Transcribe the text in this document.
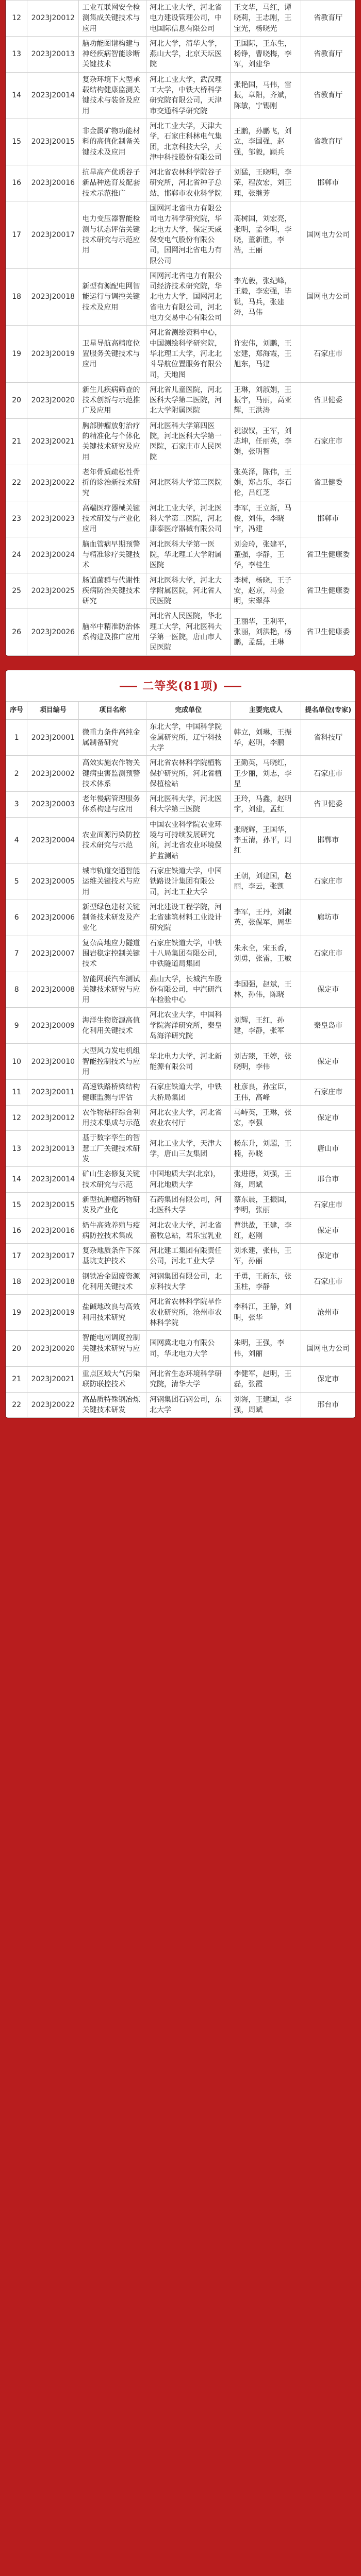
12	2023J20012	工业互联网安全检测集成关键技术与应用	河北工业大学，河北省电力建设管理公司，中电国际信息有限公司	王文华，马红，谭晓莉，王志刚，王宝光，杨晓光	省教育厅
13	2023J20013	脑功能图谱构建与神经疾病智能诊断关键技术	河北大学，清华大学，燕山大学，北京天坛医院	王国际，王东生，杨铮，曹晓梅，李军，刘建华	省教育厅
14	2023J20014	复杂环境下大型承载结构健康监测关键技术与装备及应用	河北工业大学，武汉理工大学，中铁大桥科学研究院有限公司，天津市交通科学研究院	张艳国，马伟，雷振，章阳，齐斌，陈敏，宁锡刚	省教育厅
15	2023J20015	非金属矿物功能材料的高值化制备关键技术及应用	河北工业大学，天津大学，石家庄科林电气集团，北京科技大学，天津中科技股份有限公司	王鹏，孙鹏飞，刘立，李国强，赵强，邹毅，顾兵	省教育厅
16	2023J20016	抗旱高产优质谷子新品种选育及配套技术示范推广	河北省农林科学院谷子研究所，河北省种子总站，邯郸市农业科学院	刘猛，王晓明，李荣，程汝宏，刘正理，张继芳	邯郸市
17	2023J20017	电力变压器智能检测与状态评估关键技术研究与示范应用	国网河北省电力有限公司电力科学研究院，华北电力大学，保定天威保变电气股份有限公司，国网河北省电力有限公司	高树国，刘宏亮，张明，孟令明，李晓，董新胜，李浩，王丽	国网电力公司
18	2023J20018	新型有源配电网智能运行与调控关键技术及应用	国网河北省电力有限公司经济技术研究院，华北电力大学，国网河北省电力有限公司，河北电力交易中心有限公司	李光毅，张纪峰，王毅，李宏强，毕锐，马兵，张建涛，马伟	国网电力公司
19	2023J20019	卫星导航高精度位置服务关键技术与应用	河北省测绘资料中心，中国测绘科学研究院，华北理工大学，河北北斗导航位置服务有限公司，天地图	许宏伟，刘鹏，王宏建，郑海霞，王旭东，马建	石家庄市
20	2023J20020	新生儿疾病筛查的技术创新与示范推广及应用	河北省儿童医院，河北医科大学第二医院，河北大学附属医院	王琳，刘淑娟，王振宇，马丽，高亚辉，王洪涛	省卫健委
21	2023J20021	胸部肿瘤放射治疗的精准化与个体化关键技术研究及应用	河北医科大学第四医院，河北医科大学第一医院，石家庄市人民医院	祝淑钗，王军，刘志坤，任丽英，李娟，张明智	石家庄市
22	2023J20022	老年骨质疏松性骨折的诊治新技术研究	河北医科大学第三医院	张英泽，陈伟，王娟，郑占乐，李石伦，吕红芝	省卫健委
23	2023J20023	高端医疗器械关键技术研发与产业化应用	河北工业大学，河北医科大学第二医院，河北康泰医疗器械有限公司	李军，王立新，马俊，刘伟，李晓宇，冯建	邯郸市
24	2023J20024	脑血管病早期预警与精准诊疗关键技术	河北医科大学第一医院，华北理工大学附属医院	刘会玲，张建平，董强，李静，王华，李桂生	省卫生健康委
25	2023J20025	肠道菌群与代谢性疾病防治关键技术研究	河北医科大学，河北大学附属医院，河北省人民医院	李树，杨晓，王子安，赵京，冯金明，宋翠萍	省卫生健康委
26	2023J20026	脑卒中精准防治体系构建及推广应用	河北省人民医院，华北理工大学，河北医科大学第一医院，唐山市人民医院	王丽华，王利平，张丽，刘洪艳，杨鹏，孟磊，王琳	省卫生健康委
二等奖(81项)
序号	项目编号	项目名称	完成单位	主要完成人	提名单位(专家)
1	2023J20001	微重力条件高纯金属制备研究	东北大学，中国科学院金属研究所，辽宁科技大学	韩立，刘琳，王振华，赵明，李鹏	省科技厅
2	2023J20002	高效实施农作物关键病虫害监测预警技术体系	河北省农林科学院植物保护研究所，河北省植保植检站	王勤英，马晓红，王少丽，刘志，李星	石家庄市
3	2023J20003	老年慢病管理服务体系构建与应用	河北医科大学，河北医科大学第三医院	王玲，马鑫，赵明宇，刘建，孟红	省卫健委
4	2023J20004	农业面源污染防控技术研究与示范	中国农业科学院农业环境与可持续发展研究所，河北省农业环境保护监测站	张晓辉，王国华，李玉清，孙平，周红	邯郸市
5	2023J20005	城市轨道交通智能运维关键技术与应用	石家庄铁道大学，中国铁路设计集团有限公司，河北工业大学	王朝，刘建国，赵丽，李云，张凯	石家庄市
6	2023J20006	新型绿色建材关键制备技术研发及产业化	河北建设工程学院，河北省建筑材料工业设计研究院	李军，王丹，刘淑英，张保军，周华	廊坊市
7	2023J20007	复杂高地应力隧道围岩稳定控制关键技术	石家庄铁道大学，中铁十八局集团有限公司，中铁隧道局集团	朱永全，宋玉香，刘勇，张雷，王敏	石家庄市
8	2023J20008	智能网联汽车测试关键技术研究与应用	燕山大学，长城汽车股份有限公司，中汽研汽车检验中心	李国强，赵斌，王林，孙伟，陈晓	保定市
9	2023J20009	海洋生物资源高值化利用关键技术	河北农业大学，中国科学院海洋研究所，秦皇岛海洋研究院	刘辉，王红，孙建，李静，张军	秦皇岛市
10	2023J20010	大型风力发电机组智能控制技术与应用	华北电力大学，河北新能源有限公司	刘吉臻，王婷，张晓明，李伟	保定市
11	2023J20011	高速铁路桥梁结构健康监测与评估	石家庄铁道大学，中铁大桥局集团	杜彦良，孙宝臣，王伟，高峰	石家庄市
12	2023J20012	农作物秸秆综合利用技术集成与示范	河北农业大学，河北省农业农村厅	马峙英，王琳，张宏，李强	保定市
13	2023J20013	基于数字孪生的智慧工厂关键技术研发	河北工业大学，天津大学，唐山三友集团	杨东升，刘超，王楠，孙晓	唐山市
14	2023J20014	矿山生态修复关键技术研究与示范	中国地质大学(北京)，河北地质大学	张进德，刘强，王海，周斌	邢台市
15	2023J20015	新型抗肿瘤药物研发及产业化	石药集团有限公司，河北医科大学	蔡东晨，王振国，李明，张丽	石家庄市
16	2023J20016	奶牛高效养殖与疫病防控技术集成	河北农业大学，河北省畜牧总站，君乐宝乳业	曹洪战，王建，李红，赵刚	保定市
17	2023J20017	复杂地质条件下深基坑支护技术	河北建工集团有限责任公司，河北工业大学	刘永建，张伟，王军，孙丽	保定市
18	2023J20018	钢铁冶金固废资源化利用关键技术	河钢集团有限公司，北京科技大学	于勇，王新东，张玉柱，李静	石家庄市
19	2023J20019	盐碱地改良与高效利用技术研究	河北省农林科学院旱作农业研究所，沧州市农林科学院	李科江，王静，刘明，张华	沧州市
20	2023J20020	智能电网调度控制关键技术研究与应用	国网冀北电力有限公司，华北电力大学	朱明，王强，李伟，刘丽	国网电力公司
21	2023J20021	重点区域大气污染联防联控技术	河北省生态环境科学研究院，清华大学	李健军，赵明，王磊，张霞	保定市
22	2023J20022	高品质特殊钢冶炼关键技术研发	河钢集团石钢公司，东北大学	刘海，王建国，李强，周斌	邢台市
